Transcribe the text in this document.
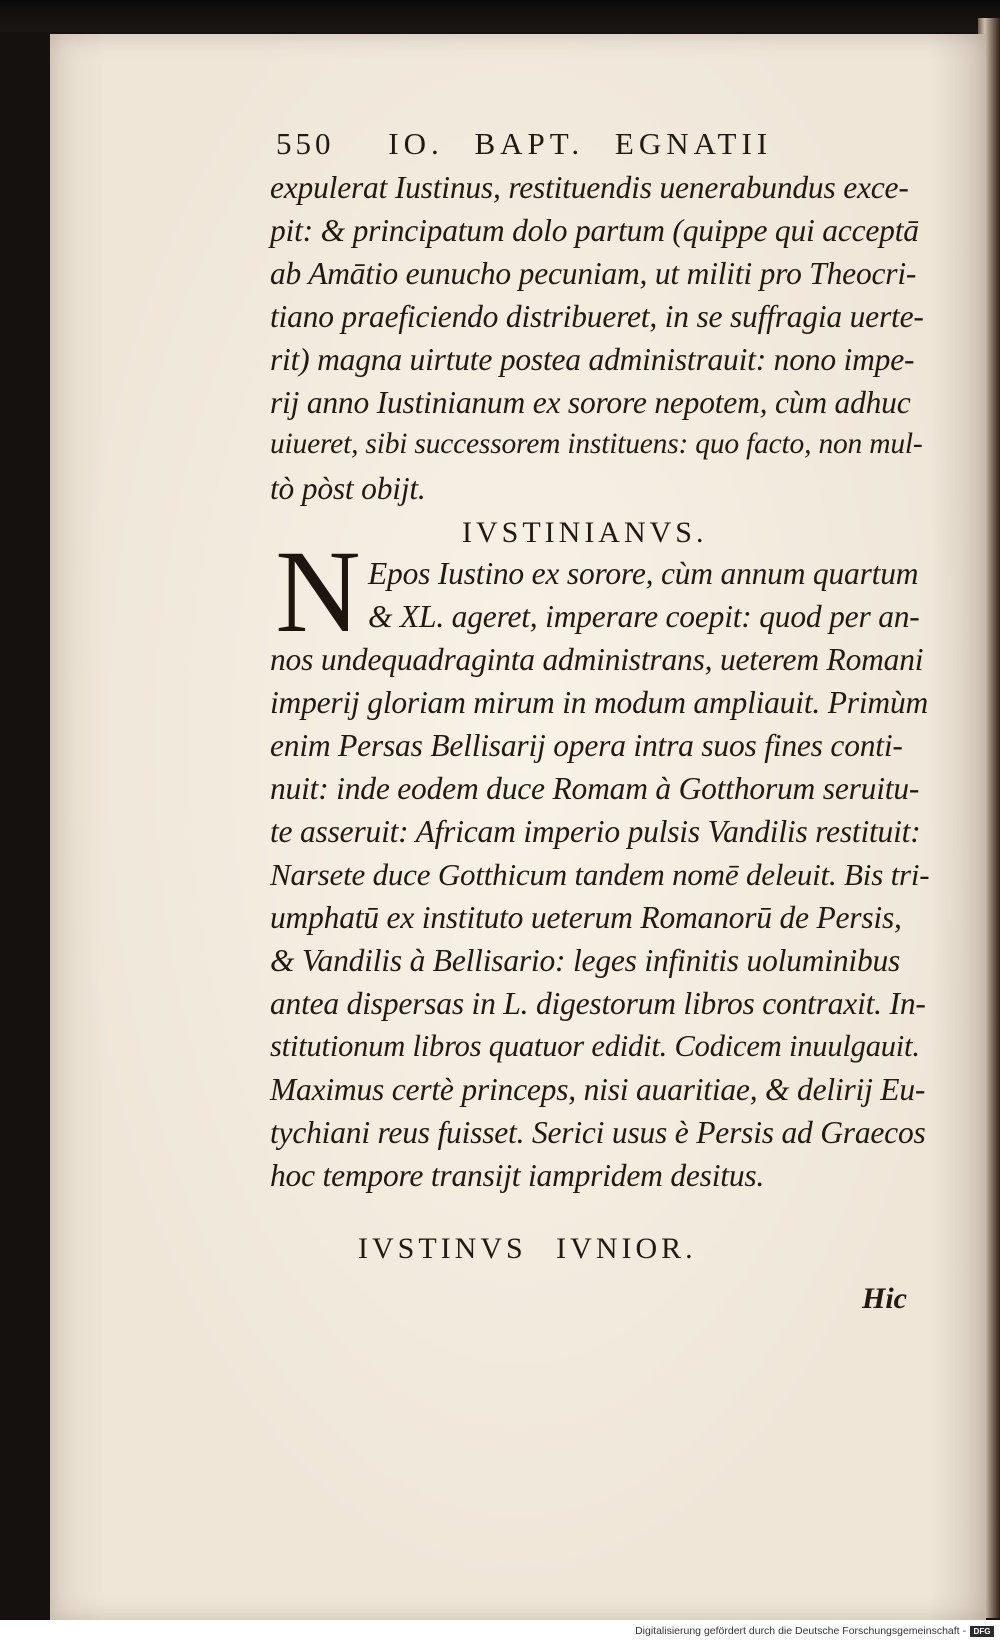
550 IO. BAPT. EGNATII
expulerat Iustinus, restituendis uenerabundus exce-
pit: & principatum dolo partum (quippe qui acceptā
ab Amātio eunucho pecuniam, ut militi pro Theocri-
tiano praeficiendo distribueret, in se suffragia uerte-
rit) magna uirtute postea administrauit: nono impe-
rij anno Iustinianum ex sorore nepotem, cùm adhuc
uiueret, sibi successorem instituens: quo facto, non mul-
tò pòst obijt.
IVSTINIANVS.
N Epos Iustino ex sorore, cùm annum quartum
& XL. ageret, imperare coepit: quod per an-
nos undequadraginta administrans, ueterem Romani
imperij gloriam mirum in modum ampliauit. Primùm
enim Persas Bellisarij opera intra suos fines conti-
nuit: inde eodem duce Romam à Gotthorum seruitu-
te asseruit: Africam imperio pulsis Vandilis restituit:
Narsete duce Gotthicum tandem nomē deleuit. Bis tri-
umphatū ex instituto ueterum Romanorū de Persis,
& Vandilis à Bellisario: leges infinitis uoluminibus
antea dispersas in L. digestorum libros contraxit. In-
stitutionum libros quatuor edidit. Codicem inuulgauit.
Maximus certè princeps, nisi auaritiae, & delirij Eu-
tychiani reus fuisset. Serici usus è Persis ad Graecos
hoc tempore transijt iampridem desitus.
IVSTINVS IVNIOR.
Hic
Digitalisierung gefördert durch die Deutsche Forschungsgemeinschaft - DFG
